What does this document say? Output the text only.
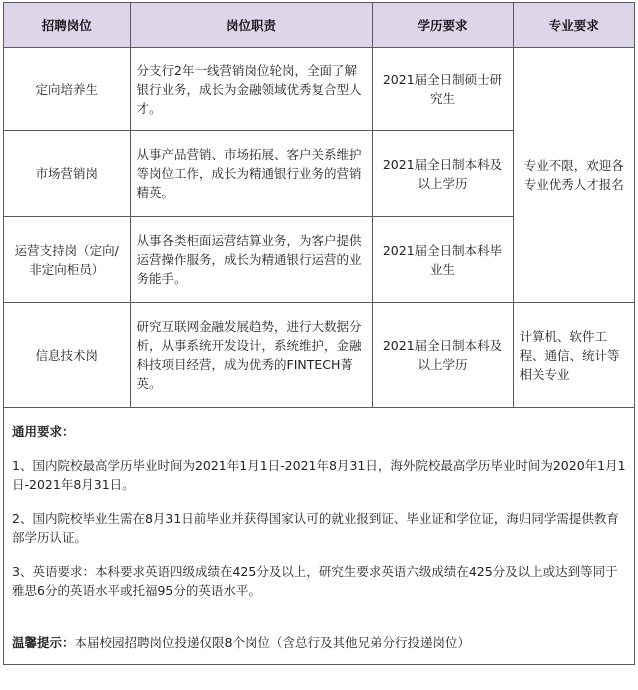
招聘岗位	岗位职责	学历要求	专业要求
定向培养生	分支行2年一线营销岗位轮岗，全面了解银行业务，成长为金融领域优秀复合型人才。	2021届全日制硕士研究生	专业不限，欢迎各专业优秀人才报名
市场营销岗	从事产品营销、市场拓展、客户关系维护等岗位工作，成长为精通银行业务的营销精英。	2021届全日制本科及以上学历	
运营支持岗（定向/非定向柜员）	从事各类柜面运营结算业务，为客户提供运营操作服务，成长为精通银行运营的业务能手。	2021届全日制本科毕业生	
信息技术岗	研究互联网金融发展趋势，进行大数据分析，从事系统开发设计，系统维护，金融科技项目经营，成为优秀的FINTECH菁英。	2021届全日制本科及以上学历	计算机、软件工程、通信、统计等相关专业

通用要求：

1、国内院校最高学历毕业时间为2021年1月1日-2021年8月31日，海外院校最高学历毕业时间为2020年1月1日-2021年8月31日。

2、国内院校毕业生需在8月31日前毕业并获得国家认可的就业报到证、毕业证和学位证，海归同学需提供教育部学历认证。

3、英语要求：本科要求英语四级成绩在425分及以上，研究生要求英语六级成绩在425分及以上或达到等同于雅思6分的英语水平或托福95分的英语水平。

温馨提示：本届校园招聘岗位投递仅限8个岗位（含总行及其他兄弟分行投递岗位）
